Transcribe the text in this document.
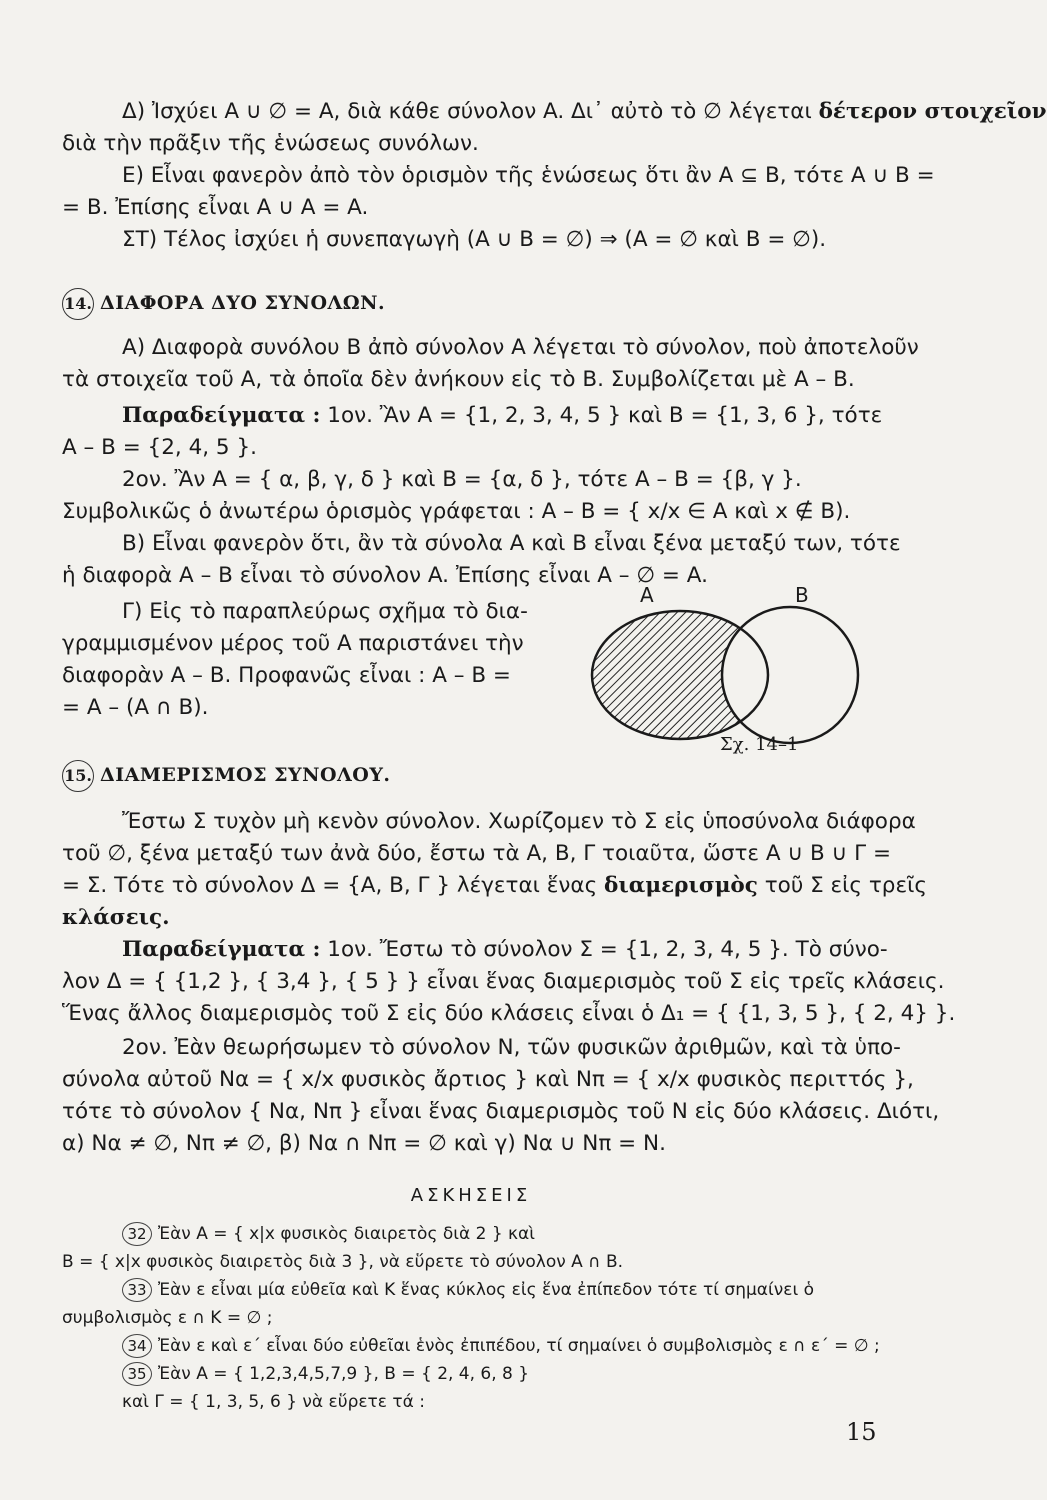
Δ) Ἰσχύει A ∪ ∅ = A, διὰ κάθε σύνολον A. Δι᾽ αὐτὸ τὸ ∅ λέγεται δέτερον στοιχεῖον
διὰ τὴν πρᾶξιν τῆς ἑνώσεως συνόλων.
Ε) Εἶναι φανερὸν ἀπὸ τὸν ὁρισμὸν τῆς ἑνώσεως ὅτι ἂν A ⊆ B, τότε A ∪ B =
= B. Ἐπίσης εἶναι A ∪ A = A.
ΣΤ) Τέλος ἰσχύει ἡ συνεπαγωγὴ (A ∪ B = ∅) ⇒ (A = ∅ καὶ B = ∅).
14. ΔΙΑΦΟΡΑ ΔΥΟ ΣΥΝΟΛΩΝ.
Α) Διαφορὰ συνόλου B ἀπὸ σύνολον A λέγεται τὸ σύνολον, ποὺ ἀποτελοῦν
τὰ στοιχεῖα τοῦ A, τὰ ὁποῖα δὲν ἀνήκουν εἰς τὸ B. Συμβολίζεται μὲ A – B.
Παραδείγματα : 1ον. Ἂν A = {1, 2, 3, 4, 5 } καὶ B = {1, 3, 6 }, τότε
A – B = {2, 4, 5 }.
2ον. Ἂν A = { α, β, γ, δ } καὶ B = {α, δ }, τότε A – B = {β, γ }.
Συμβολικῶς ὁ ἀνωτέρω ὁρισμὸς γράφεται : A – B = { x/x ∈ A καὶ x ∉ B).
Β) Εἶναι φανερὸν ὅτι, ἂν τὰ σύνολα A καὶ B εἶναι ξένα μεταξύ των, τότε
ἡ διαφορὰ A – B εἶναι τὸ σύνολον A. Ἐπίσης εἶναι A – ∅ = A.
Γ) Εἰς τὸ παραπλεύρως σχῆμα τὸ δια-
γραμμισμένον μέρος τοῦ A παριστάνει τὴν
διαφορὰν A – B. Προφανῶς εἶναι : A – B =
= A – (A ∩ B).
A	B
Σχ. 14–1
15. ΔΙΑΜΕΡΙΣΜΟΣ ΣΥΝΟΛΟΥ.
Ἔστω Σ τυχὸν μὴ κενὸν σύνολον. Χωρίζομεν τὸ Σ εἰς ὑποσύνολα διάφορα
τοῦ ∅, ξένα μεταξύ των ἀνὰ δύο, ἔστω τὰ A, B, Γ τοιαῦτα, ὥστε A ∪ B ∪ Γ =
= Σ. Τότε τὸ σύνολον Δ = {A, B, Γ } λέγεται ἕνας διαμερισμὸς τοῦ Σ εἰς τρεῖς
κλάσεις.
Παραδείγματα : 1ον. Ἔστω τὸ σύνολον Σ = {1, 2, 3, 4, 5 }. Τὸ σύνο-
λον Δ = { {1,2 }, { 3,4 }, { 5 } } εἶναι ἕνας διαμερισμὸς τοῦ Σ εἰς τρεῖς κλάσεις.
Ἕνας ἄλλος διαμερισμὸς τοῦ Σ εἰς δύο κλάσεις εἶναι ὁ Δ₁ = { {1, 3, 5 }, { 2, 4} }.
2ον. Ἐὰν θεωρήσωμεν τὸ σύνολον N, τῶν φυσικῶν ἀριθμῶν, καὶ τὰ ὑπο-
σύνολα αὐτοῦ Nα = { x/x φυσικὸς ἄρτιος } καὶ Nπ = { x/x φυσικὸς περιττός },
τότε τὸ σύνολον { Nα, Nπ } εἶναι ἕνας διαμερισμὸς τοῦ N εἰς δύο κλάσεις. Διότι,
α) Nα ≠ ∅, Nπ ≠ ∅, β) Nα ∩ Nπ = ∅ καὶ γ) Nα ∪ Nπ = N.
ΑΣΚΗΣΕΙΣ
32 Ἐὰν A = { x|x φυσικὸς διαιρετὸς διὰ 2 } καὶ
B = { x|x φυσικὸς διαιρετὸς διὰ 3 }, νὰ εὕρετε τὸ σύνολον A ∩ B.
33 Ἐὰν ε εἶναι μία εὐθεῖα καὶ K ἕνας κύκλος εἰς ἕνα ἐπίπεδον τότε τί σημαίνει ὁ
συμβολισμὸς ε ∩ K = ∅ ;
34 Ἐὰν ε καὶ ε´ εἶναι δύο εὐθεῖαι ἑνὸς ἐπιπέδου, τί σημαίνει ὁ συμβολισμὸς ε ∩ ε´ = ∅ ;
35 Ἐὰν A = { 1,2,3,4,5,7,9 }, B = { 2, 4, 6, 8 }
καὶ Γ = { 1, 3, 5, 6 } νὰ εὕρετε τά :
15
